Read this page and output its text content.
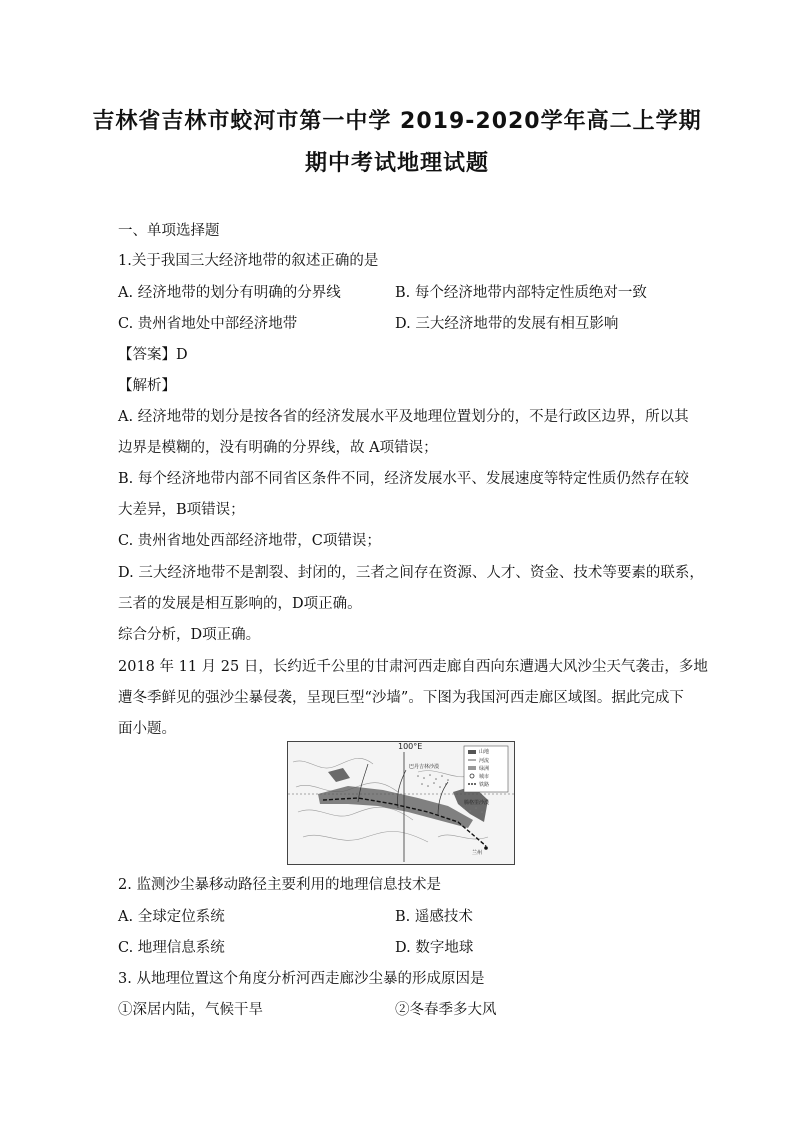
吉林省吉林市蛟河市第一中学 2019-2020学年高二上学期
期中考试地理试题
一、单项选择题
1.关于我国三大经济地带的叙述正确的是
A. 经济地带的划分有明确的分界线	B. 每个经济地带内部特定性质绝对一致
C. 贵州省地处中部经济地带	D. 三大经济地带的发展有相互影响
【答案】D
【解析】
A. 经济地带的划分是按各省的经济发展水平及地理位置划分的，不是行政区边界，所以其
边界是模糊的，没有明确的分界线，故 A项错误；
B. 每个经济地带内部不同省区条件不同，经济发展水平、发展速度等特定性质仍然存在较
大差异，B项错误；
C. 贵州省地处西部经济地带，C项错误；
D. 三大经济地带不是割裂、封闭的，三者之间存在资源、人才、资金、技术等要素的联系，
三者的发展是相互影响的，D项正确。
综合分析，D项正确。
2018 年 11 月 25 日，长约近千公里的甘肃河西走廊自西向东遭遇大风沙尘天气袭击，多地
遭冬季鲜见的强沙尘暴侵袭，呈现巨型“沙墙”。下图为我国河西走廊区域图。据此完成下
面小题。
100°E
巴丹吉林沙漠
腾格里沙漠
兰州
山地
河流
绿洲
城市
铁路
2. 监测沙尘暴移动路径主要利用的地理信息技术是
A. 全球定位系统	B. 遥感技术
C. 地理信息系统	D. 数字地球
3. 从地理位置这个角度分析河西走廊沙尘暴的形成原因是
①深居内陆，气候干旱	②冬春季多大风
